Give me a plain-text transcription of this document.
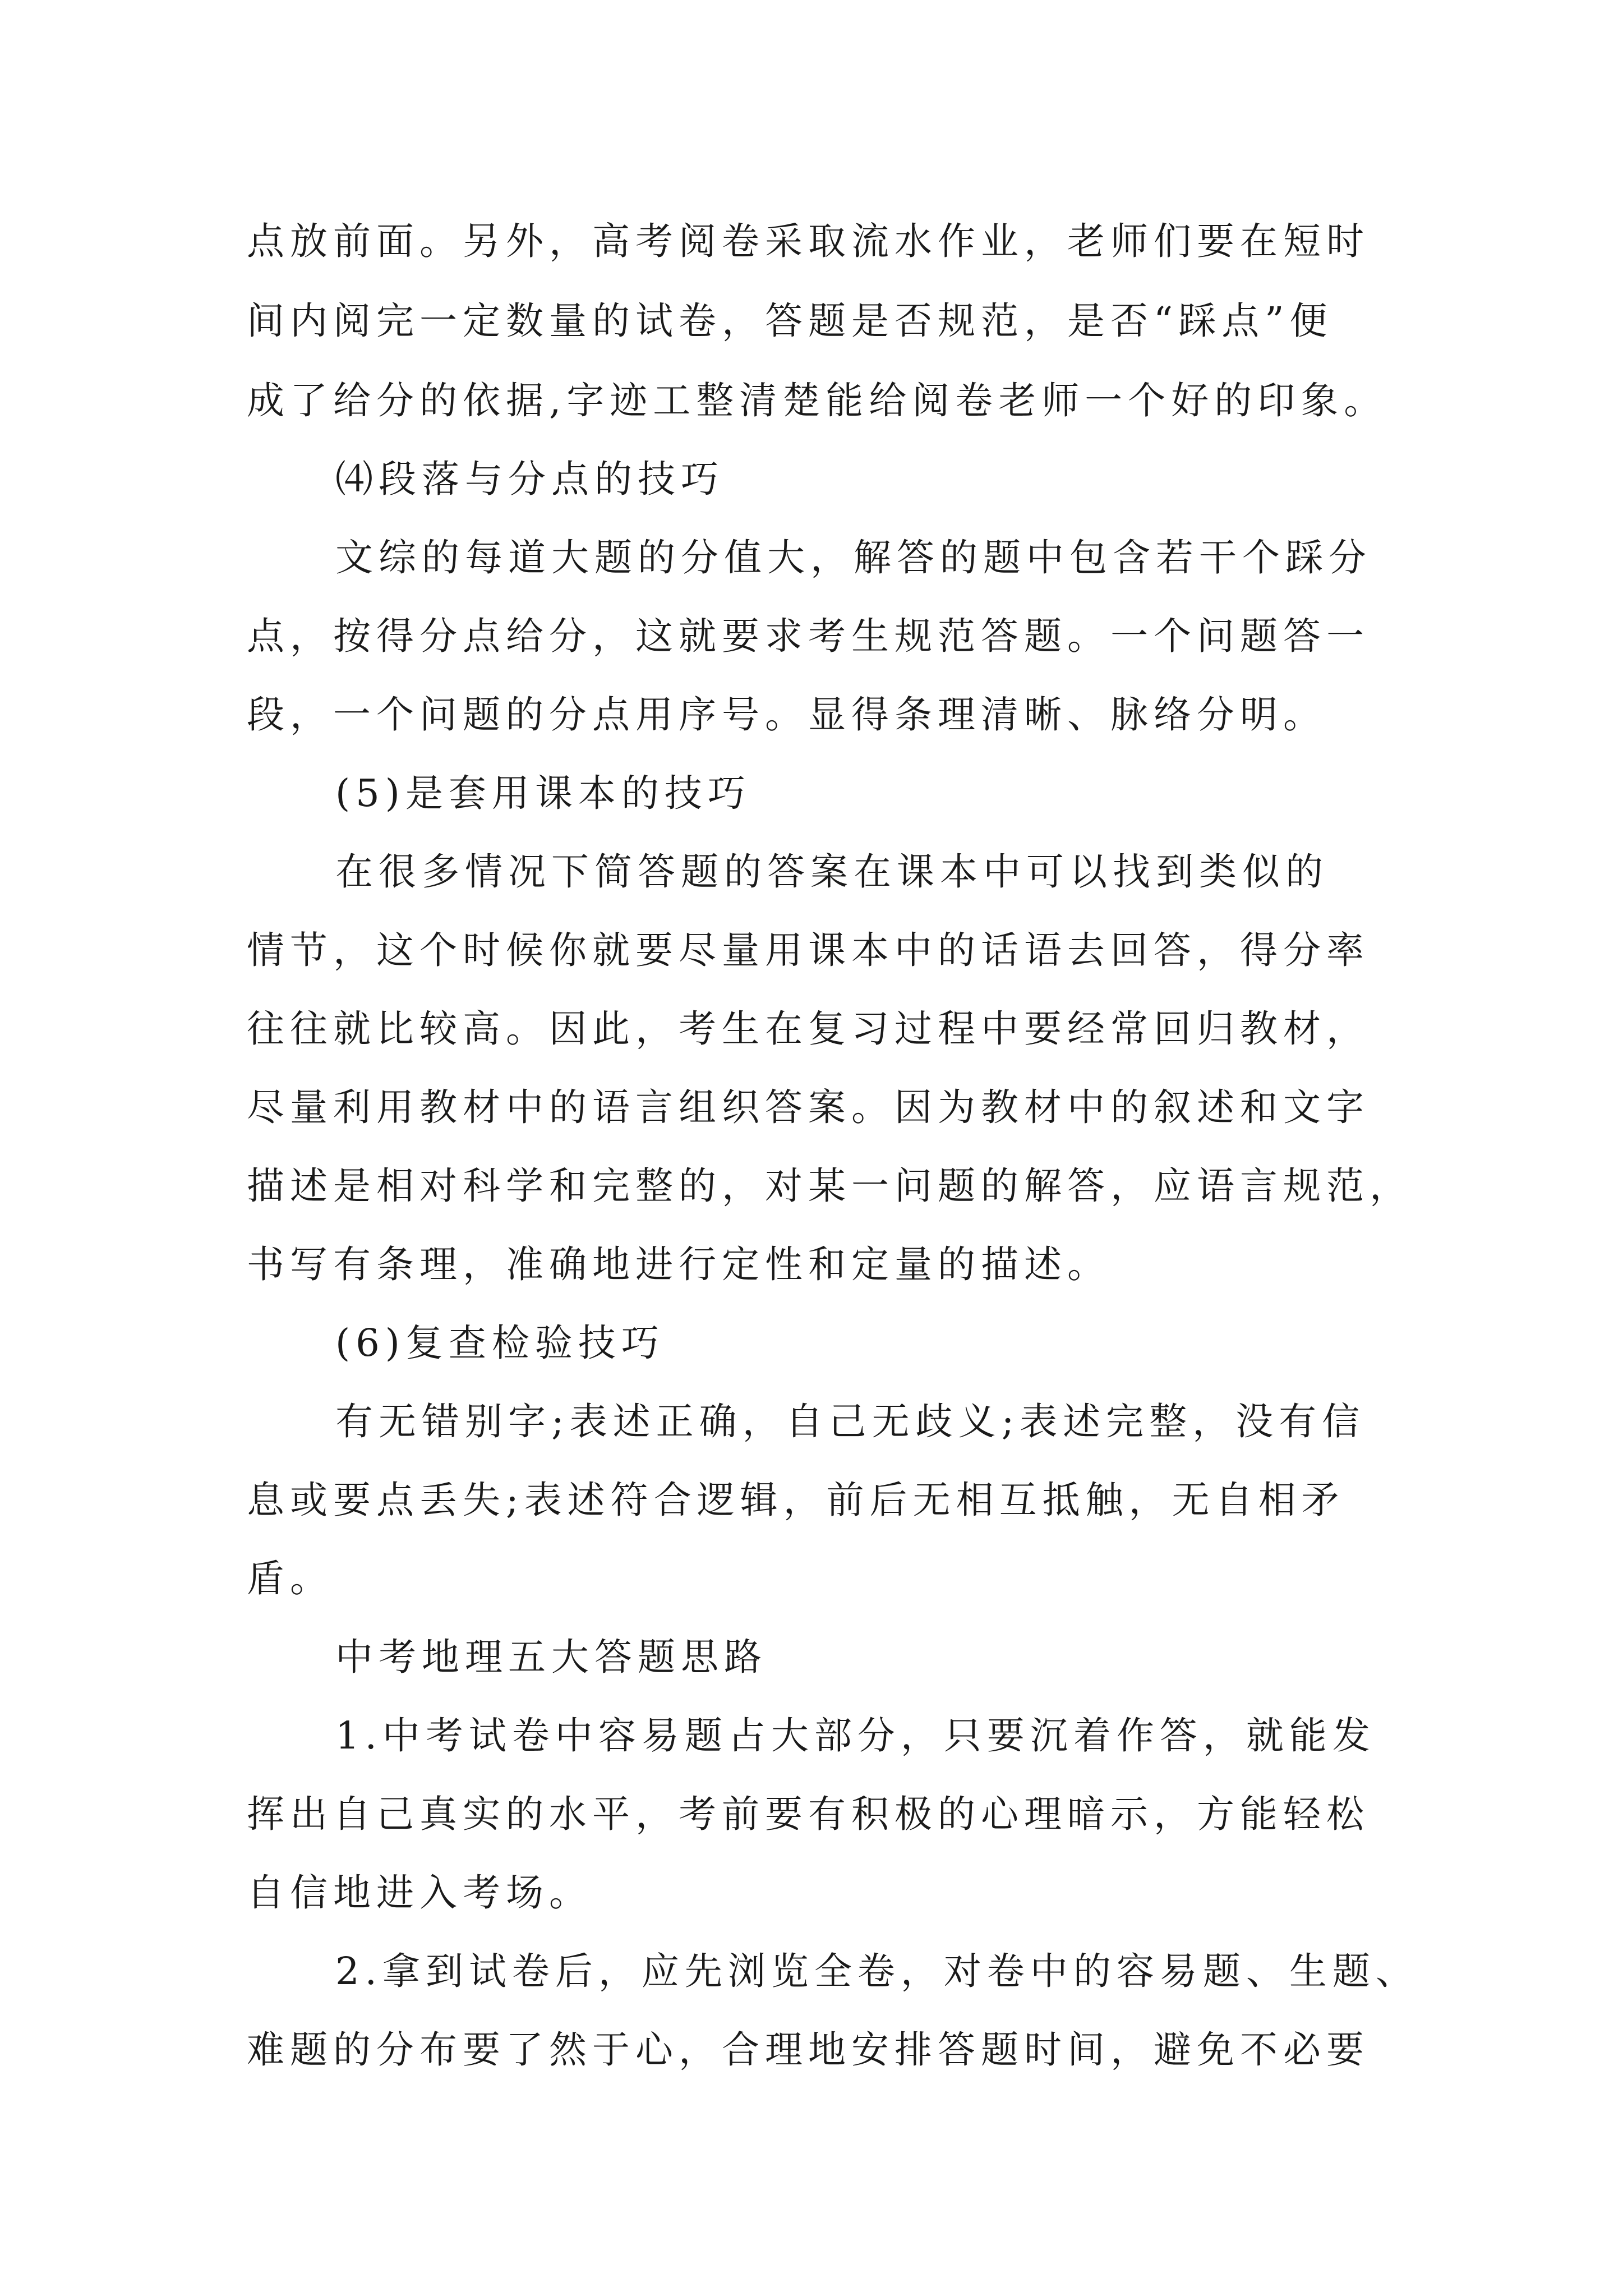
点放前面。另外，高考阅卷采取流水作业，老师们要在短时
间内阅完一定数量的试卷，答题是否规范，是否“踩点”便
成了给分的依据,字迹工整清楚能给阅卷老师一个好的印象。
⑷段落与分点的技巧
文综的每道大题的分值大，解答的题中包含若干个踩分
点，按得分点给分，这就要求考生规范答题。一个问题答一
段，一个问题的分点用序号。显得条理清晰、脉络分明。
(5)是套用课本的技巧
在很多情况下简答题的答案在课本中可以找到类似的
情节，这个时候你就要尽量用课本中的话语去回答，得分率
往往就比较高。因此，考生在复习过程中要经常回归教材，
尽量利用教材中的语言组织答案。因为教材中的叙述和文字
描述是相对科学和完整的，对某一问题的解答，应语言规范，
书写有条理，准确地进行定性和定量的描述。
(6)复查检验技巧
有无错别字;表述正确，自己无歧义;表述完整，没有信
息或要点丢失;表述符合逻辑，前后无相互抵触，无自相矛
盾。
中考地理五大答题思路
1.中考试卷中容易题占大部分，只要沉着作答，就能发
挥出自己真实的水平，考前要有积极的心理暗示，方能轻松
自信地进入考场。
2.拿到试卷后，应先浏览全卷，对卷中的容易题、生题、
难题的分布要了然于心，合理地安排答题时间，避免不必要
